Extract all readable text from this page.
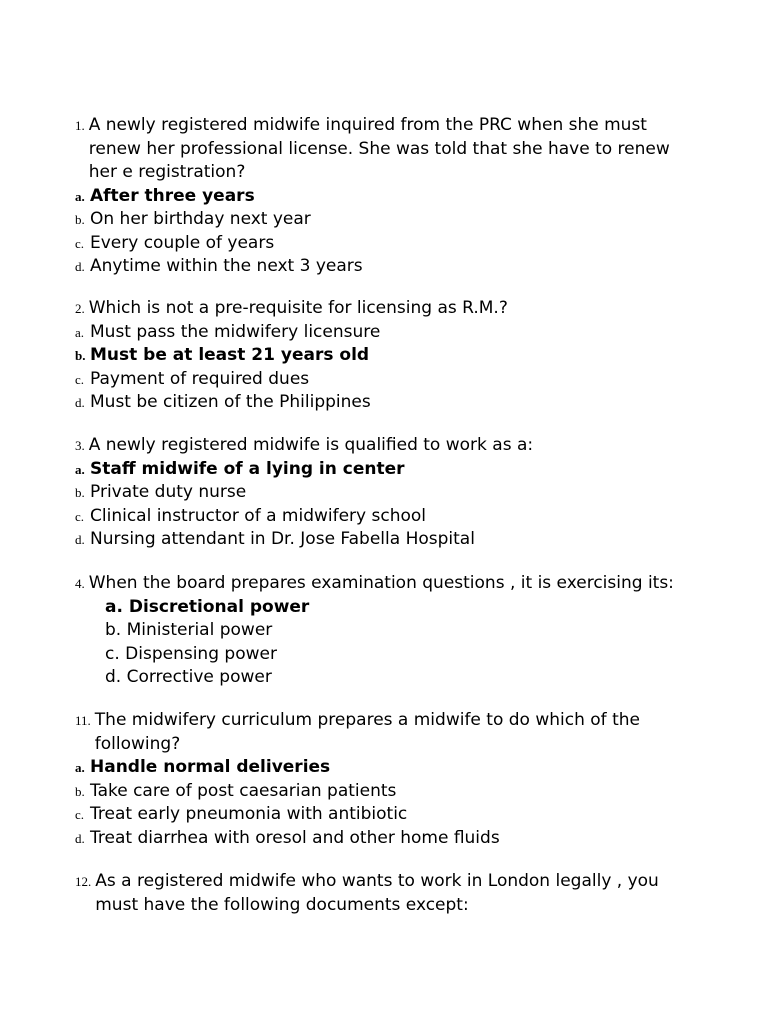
1. A newly registered midwife inquired from the PRC when she must renew her professional license. She was told that she have to renew her e registration?
a. After three years
b. On her birthday next year
c. Every couple of years
d. Anytime within the next 3 years
2. Which is not a pre-requisite for licensing as R.M.?
a. Must pass the midwifery licensure
b. Must be at least 21 years old
c. Payment of required dues
d. Must be citizen of the Philippines
3. A newly registered midwife is qualified to work as a:
a. Staff midwife of a lying in center
b. Private duty nurse
c. Clinical instructor of a midwifery school
d. Nursing attendant in Dr. Jose Fabella Hospital
4. When the board prepares examination questions , it is exercising its:
a. Discretional power
b. Ministerial power
c. Dispensing power
d. Corrective power
11. The midwifery curriculum prepares a midwife to do which of the following?
a. Handle normal deliveries
b. Take care of post caesarian patients
c. Treat early pneumonia with antibiotic
d. Treat diarrhea with oresol and other home fluids
12. As a registered midwife who wants to work in London legally , you must have the following documents except:
